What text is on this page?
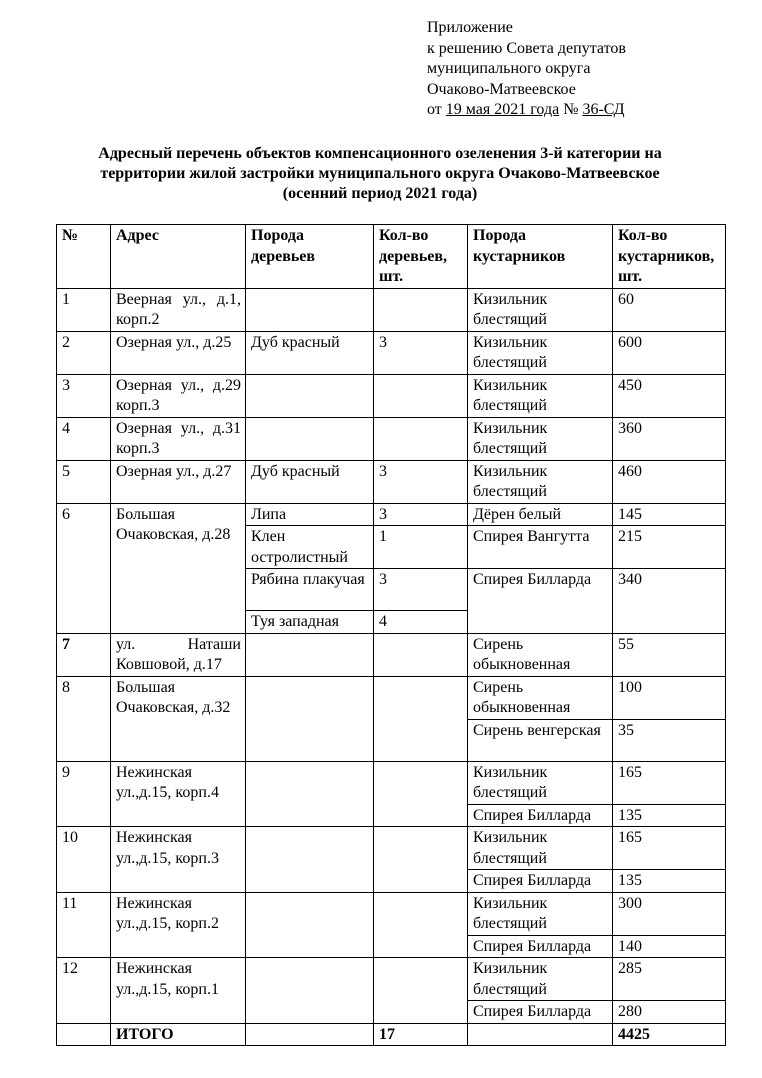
Приложение
к решению Совета депутатов
муниципального округа
Очаково-Матвеевское
от 19 мая 2021 года № 36-СД
Адресный перечень объектов компенсационного озеленения 3-й категории на
территории жилой застройки муниципального округа Очаково-Матвеевское
(осенний период 2021 года)
№	Адрес	Порода деревьев	Кол-во деревьев, шт.	Порода кустарников	Кол-во кустарников, шт.
1	Веерная ул., д.1, корп.2			Кизильник блестящий	60
2	Озерная ул., д.25	Дуб красный	3	Кизильник блестящий	600
3	Озерная ул., д.29 корп.3			Кизильник блестящий	450
4	Озерная ул., д.31 корп.3			Кизильник блестящий	360
5	Озерная ул., д.27	Дуб красный	3	Кизильник блестящий	460
6	Большая Очаковская, д.28	Липа	3	Дёрен белый	145
		Клен остролистный	1	Спирея Вангутта	215
		Рябина плакучая	3	Спирея Билларда	340
		Туя западная	4		
7	ул. Наташи Ковшовой, д.17			Сирень обыкновенная	55
8	Большая Очаковская, д.32			Сирень обыкновенная	100
				Сирень венгерская	35
9	Нежинская ул.,д.15, корп.4			Кизильник блестящий	165
				Спирея Билларда	135
10	Нежинская ул.,д.15, корп.3			Кизильник блестящий	165
				Спирея Билларда	135
11	Нежинская ул.,д.15, корп.2			Кизильник блестящий	300
				Спирея Билларда	140
12	Нежинская ул.,д.15, корп.1			Кизильник блестящий	285
				Спирея Билларда	280
	ИТОГО		17		4425
